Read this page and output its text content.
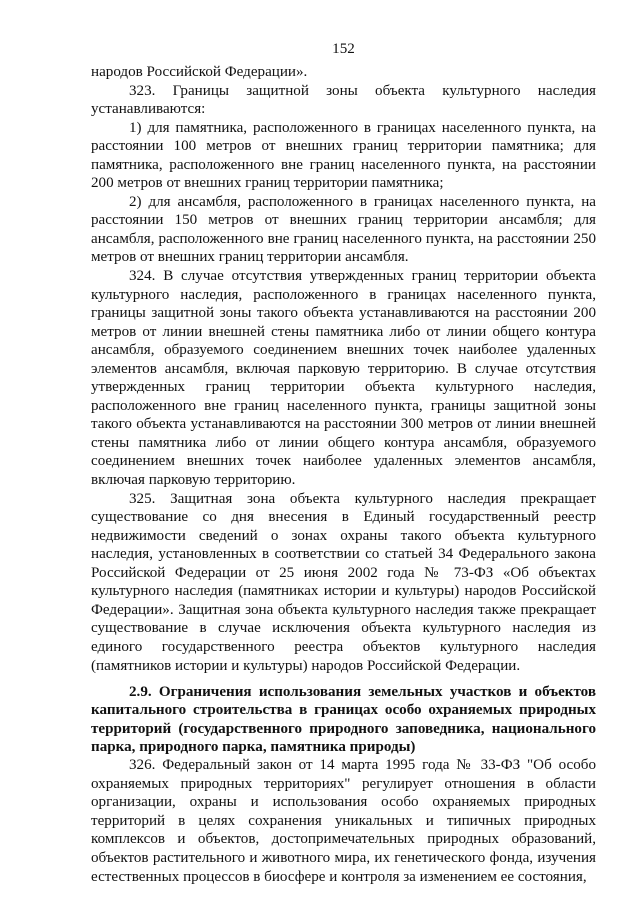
152

народов Российской Федерации».

323. Границы защитной зоны объекта культурного наследия устанавливаются:

1) для памятника, расположенного в границах населенного пункта, на расстоянии 100 метров от внешних границ территории памятника; для памятника, расположенного вне границ населенного пункта, на расстоянии 200 метров от внешних границ территории памятника;

2) для ансамбля, расположенного в границах населенного пункта, на расстоянии 150 метров от внешних границ территории ансамбля; для ансамбля, расположенного вне границ населенного пункта, на расстоянии 250 метров от внешних границ территории ансамбля.

324. В случае отсутствия утвержденных границ территории объекта культурного наследия, расположенного в границах населенного пункта, границы защитной зоны такого объекта устанавливаются на расстоянии 200 метров от линии внешней стены памятника либо от линии общего контура ансамбля, образуемого соединением внешних точек наиболее удаленных элементов ансамбля, включая парковую территорию. В случае отсутствия утвержденных границ территории объекта культурного наследия, расположенного вне границ населенного пункта, границы защитной зоны такого объекта устанавливаются на расстоянии 300 метров от линии внешней стены памятника либо от линии общего контура ансамбля, образуемого соединением внешних точек наиболее удаленных элементов ансамбля, включая парковую территорию.

325. Защитная зона объекта культурного наследия прекращает существование со дня внесения в Единый государственный реестр недвижимости сведений о зонах охраны такого объекта культурного наследия, установленных в соответствии со статьей 34 Федерального закона Российской Федерации от 25 июня 2002 года № 73-ФЗ «Об объектах культурного наследия (памятниках истории и культуры) народов Российской Федерации». Защитная зона объекта культурного наследия также прекращает существование в случае исключения объекта культурного наследия из единого государственного реестра объектов культурного наследия (памятников истории и культуры) народов Российской Федерации.

2.9. Ограничения использования земельных участков и объектов капитального строительства в границах особо охраняемых природных территорий (государственного природного заповедника, национального парка, природного парка, памятника природы)

326. Федеральный закон от 14 марта 1995 года № 33-ФЗ "Об особо охраняемых природных территориях" регулирует отношения в области организации, охраны и использования особо охраняемых природных территорий в целях сохранения уникальных и типичных природных комплексов и объектов, достопримечательных природных образований, объектов растительного и животного мира, их генетического фонда, изучения естественных процессов в биосфере и контроля за изменением ее состояния,
